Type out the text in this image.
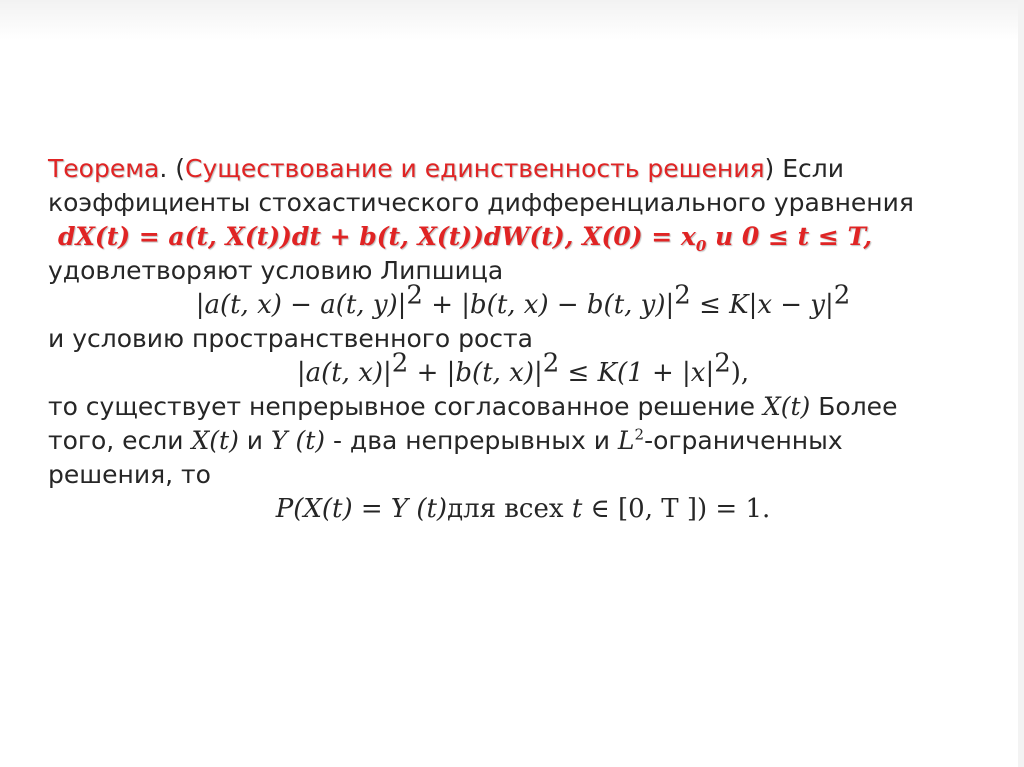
Теорема. (Существование и единственность решения) Если
коэффициенты стохастического дифференциального уравнения
dX(t) = a(t, X(t))dt + b(t, X(t))dW(t), $X(0) = x_0$ и 0 ≤ t ≤ T,
удовлетворяют условию Липшица
|a(t, x) − a(t, $y)|^2 + |b(t$, x) − b(t, $y)|^2 \le K|x - y|^2$
и условию пространственного роста
|a(t, $x)|^2 + |b(t$, $x)|^2 \le K(1 + |x|^2)$,
то существует непрерывное согласованное решение X(t) Более
того, если X(t) и Y (t) - два непрерывных и $L^2$-ограниченных
решения, то
P(X(t) = Y (t)для всех t ∈ [0, T ]) = 1.
